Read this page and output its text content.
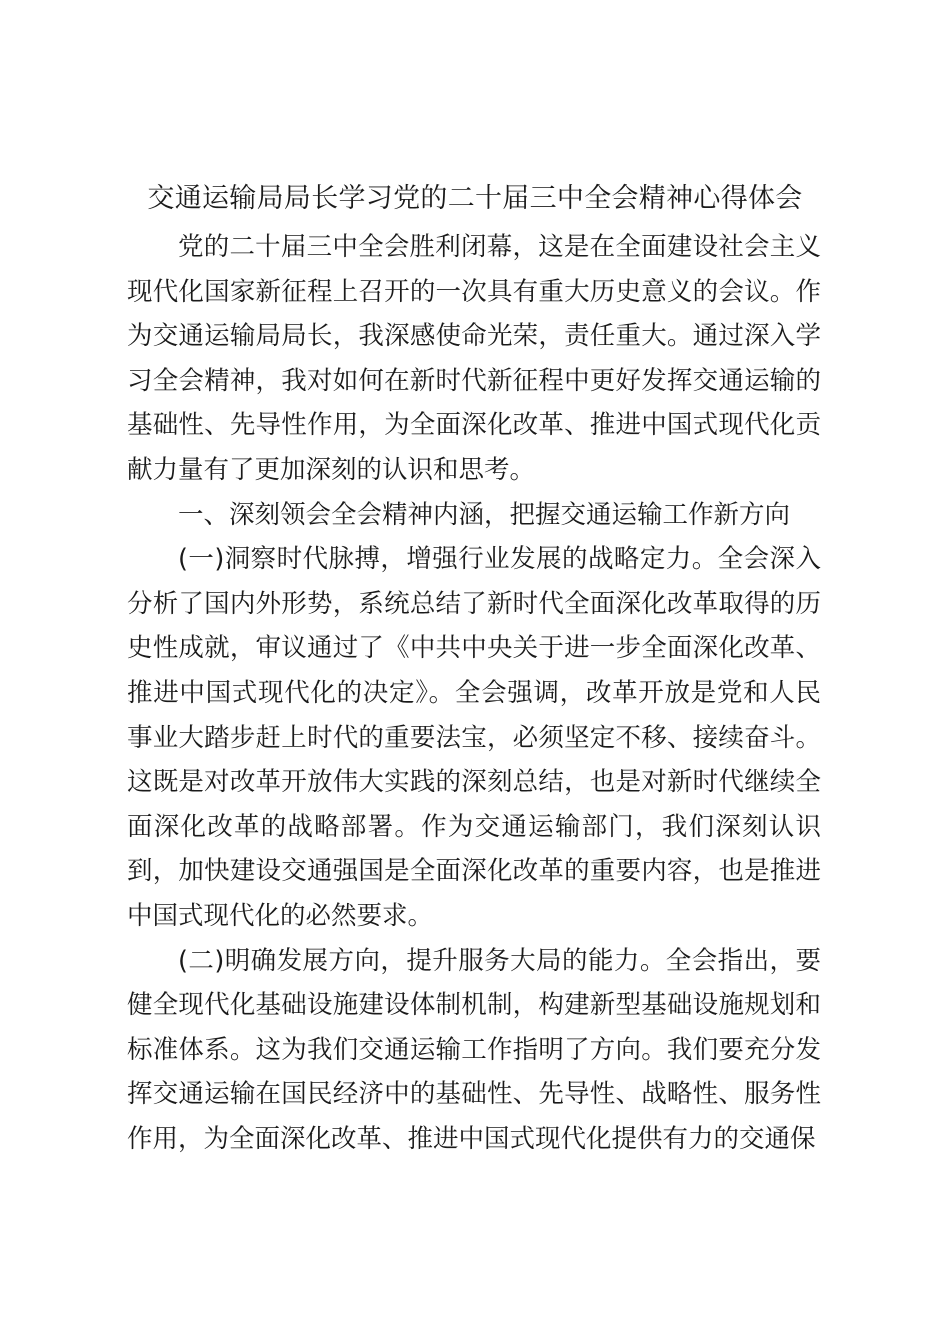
交通运输局局长学习党的二十届三中全会精神心得体会

党的二十届三中全会胜利闭幕，这是在全面建设社会主义现代化国家新征程上召开的一次具有重大历史意义的会议。作为交通运输局局长，我深感使命光荣，责任重大。通过深入学习全会精神，我对如何在新时代新征程中更好发挥交通运输的基础性、先导性作用，为全面深化改革、推进中国式现代化贡献力量有了更加深刻的认识和思考。

一、深刻领会全会精神内涵，把握交通运输工作新方向

(一)洞察时代脉搏，增强行业发展的战略定力。全会深入分析了国内外形势，系统总结了新时代全面深化改革取得的历史性成就，审议通过了《中共中央关于进一步全面深化改革、推进中国式现代化的决定》。全会强调，改革开放是党和人民事业大踏步赶上时代的重要法宝，必须坚定不移、接续奋斗。这既是对改革开放伟大实践的深刻总结，也是对新时代继续全面深化改革的战略部署。作为交通运输部门，我们深刻认识到，加快建设交通强国是全面深化改革的重要内容，也是推进中国式现代化的必然要求。

(二)明确发展方向，提升服务大局的能力。全会指出，要健全现代化基础设施建设体制机制，构建新型基础设施规划和标准体系。这为我们交通运输工作指明了方向。我们要充分发挥交通运输在国民经济中的基础性、先导性、战略性、服务性作用，为全面深化改革、推进中国式现代化提供有力的交通保
